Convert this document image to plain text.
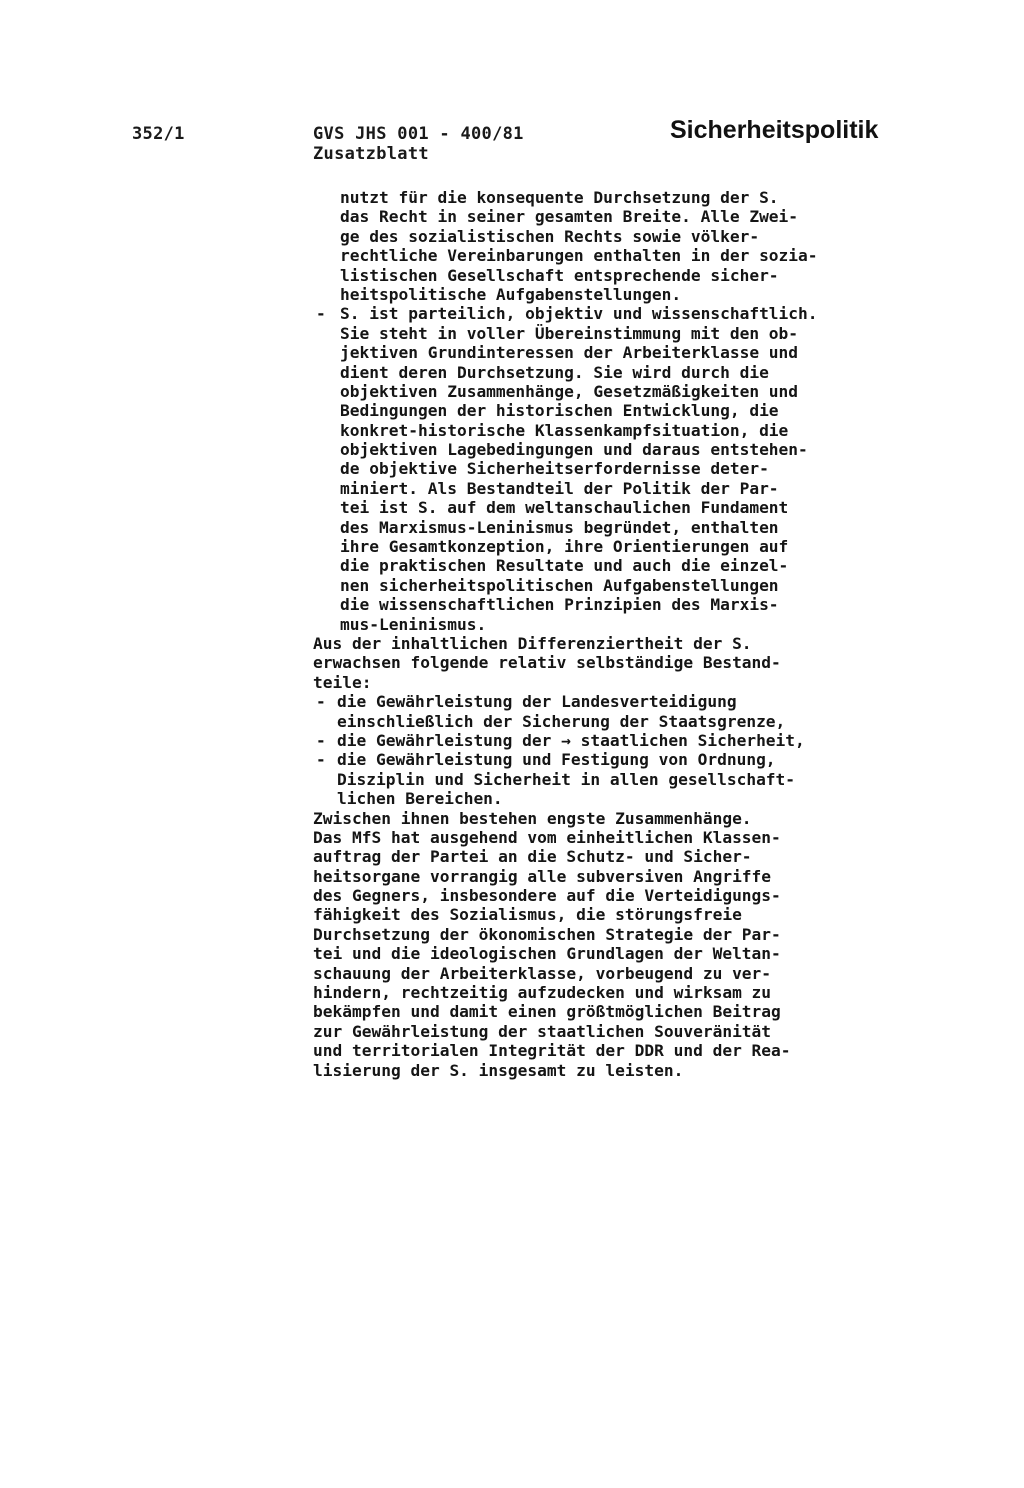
352/1	GVS JHS 001 - 400/81
Zusatzblatt
Sicherheitspolitik
nutzt für die konsequente Durchsetzung der S.
das Recht in seiner gesamten Breite. Alle Zwei-
ge des sozialistischen Rechts sowie völker-
rechtliche Vereinbarungen enthalten in der sozia-
listischen Gesellschaft entsprechende sicher-
heitspolitische Aufgabenstellungen.
- S. ist parteilich, objektiv und wissenschaftlich.
Sie steht in voller Übereinstimmung mit den ob-
jektiven Grundinteressen der Arbeiterklasse und
dient deren Durchsetzung. Sie wird durch die
objektiven Zusammenhänge, Gesetzmäßigkeiten und
Bedingungen der historischen Entwicklung, die
konkret-historische Klassenkampfsituation, die
objektiven Lagebedingungen und daraus entstehen-
de objektive Sicherheitserfordernisse deter-
miniert. Als Bestandteil der Politik der Par-
tei ist S. auf dem weltanschaulichen Fundament
des Marxismus-Leninismus begründet, enthalten
ihre Gesamtkonzeption, ihre Orientierungen auf
die praktischen Resultate und auch die einzel-
nen sicherheitspolitischen Aufgabenstellungen
die wissenschaftlichen Prinzipien des Marxis-
mus-Leninismus.
Aus der inhaltlichen Differenziertheit der S.
erwachsen folgende relativ selbständige Bestand-
teile:
- die Gewährleistung der Landesverteidigung
einschließlich der Sicherung der Staatsgrenze,
- die Gewährleistung der → staatlichen Sicherheit,
- die Gewährleistung und Festigung von Ordnung,
Disziplin und Sicherheit in allen gesellschaft-
lichen Bereichen.
Zwischen ihnen bestehen engste Zusammenhänge.
Das MfS hat ausgehend vom einheitlichen Klassen-
auftrag der Partei an die Schutz- und Sicher-
heitsorgane vorrangig alle subversiven Angriffe
des Gegners, insbesondere auf die Verteidigungs-
fähigkeit des Sozialismus, die störungsfreie
Durchsetzung der ökonomischen Strategie der Par-
tei und die ideologischen Grundlagen der Weltan-
schauung der Arbeiterklasse, vorbeugend zu ver-
hindern, rechtzeitig aufzudecken und wirksam zu
bekämpfen und damit einen größtmöglichen Beitrag
zur Gewährleistung der staatlichen Souveränität
und territorialen Integrität der DDR und der Rea-
lisierung der S. insgesamt zu leisten.
